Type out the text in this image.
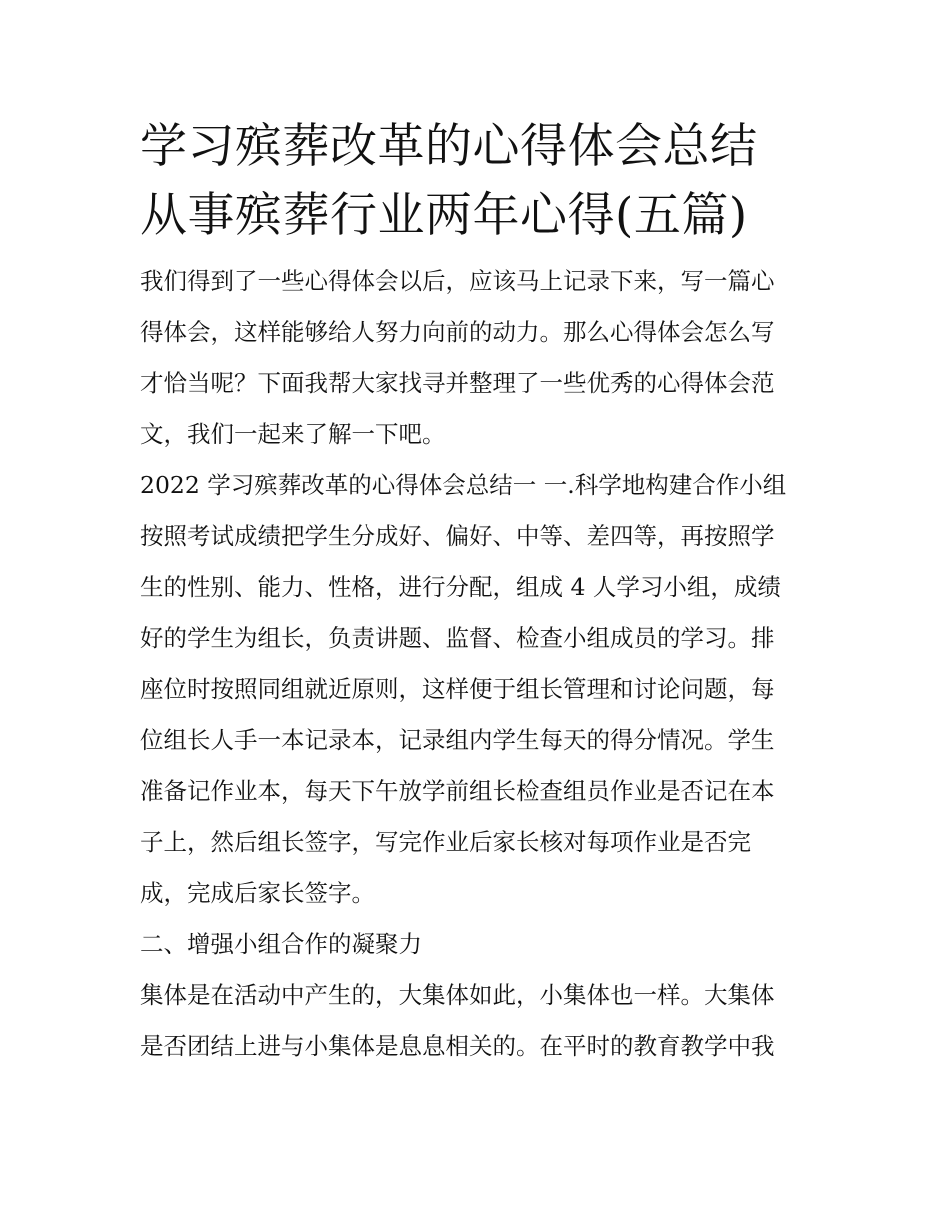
学习殡葬改革的心得体会总结
从事殡葬行业两年心得(五篇)

我们得到了一些心得体会以后，应该马上记录下来，写一篇心
得体会，这样能够给人努力向前的动力。那么心得体会怎么写
才恰当呢？下面我帮大家找寻并整理了一些优秀的心得体会范
文，我们一起来了解一下吧。

2022 学习殡葬改革的心得体会总结一 一.科学地构建合作小组
按照考试成绩把学生分成好、偏好、中等、差四等，再按照学
生的性别、能力、性格，进行分配，组成 4 人学习小组，成绩
好的学生为组长，负责讲题、监督、检查小组成员的学习。排
座位时按照同组就近原则，这样便于组长管理和讨论问题，每
位组长人手一本记录本，记录组内学生每天的得分情况。学生
准备记作业本，每天下午放学前组长检查组员作业是否记在本
子上，然后组长签字，写完作业后家长核对每项作业是否完
成，完成后家长签字。

二、增强小组合作的凝聚力

集体是在活动中产生的，大集体如此，小集体也一样。大集体
是否团结上进与小集体是息息相关的。在平时的教育教学中我
